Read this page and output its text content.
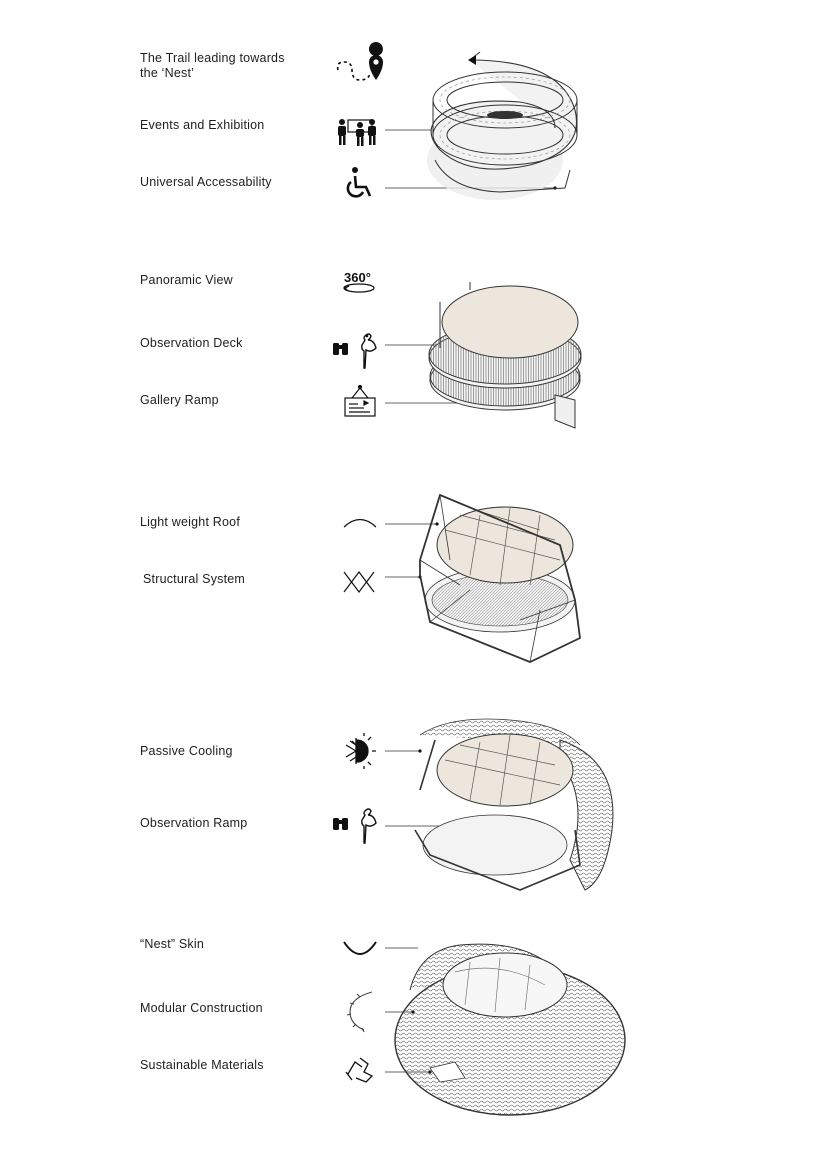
The Trail leading towards the ‘Nest’
Events and Exhibition
Universal Accessability
Panoramic View
Observation Deck
Gallery Ramp
Light weight Roof
Structural System
Passive Cooling
Observation Ramp
“Nest” Skin
Modular Construction
Sustainable Materials
360°
